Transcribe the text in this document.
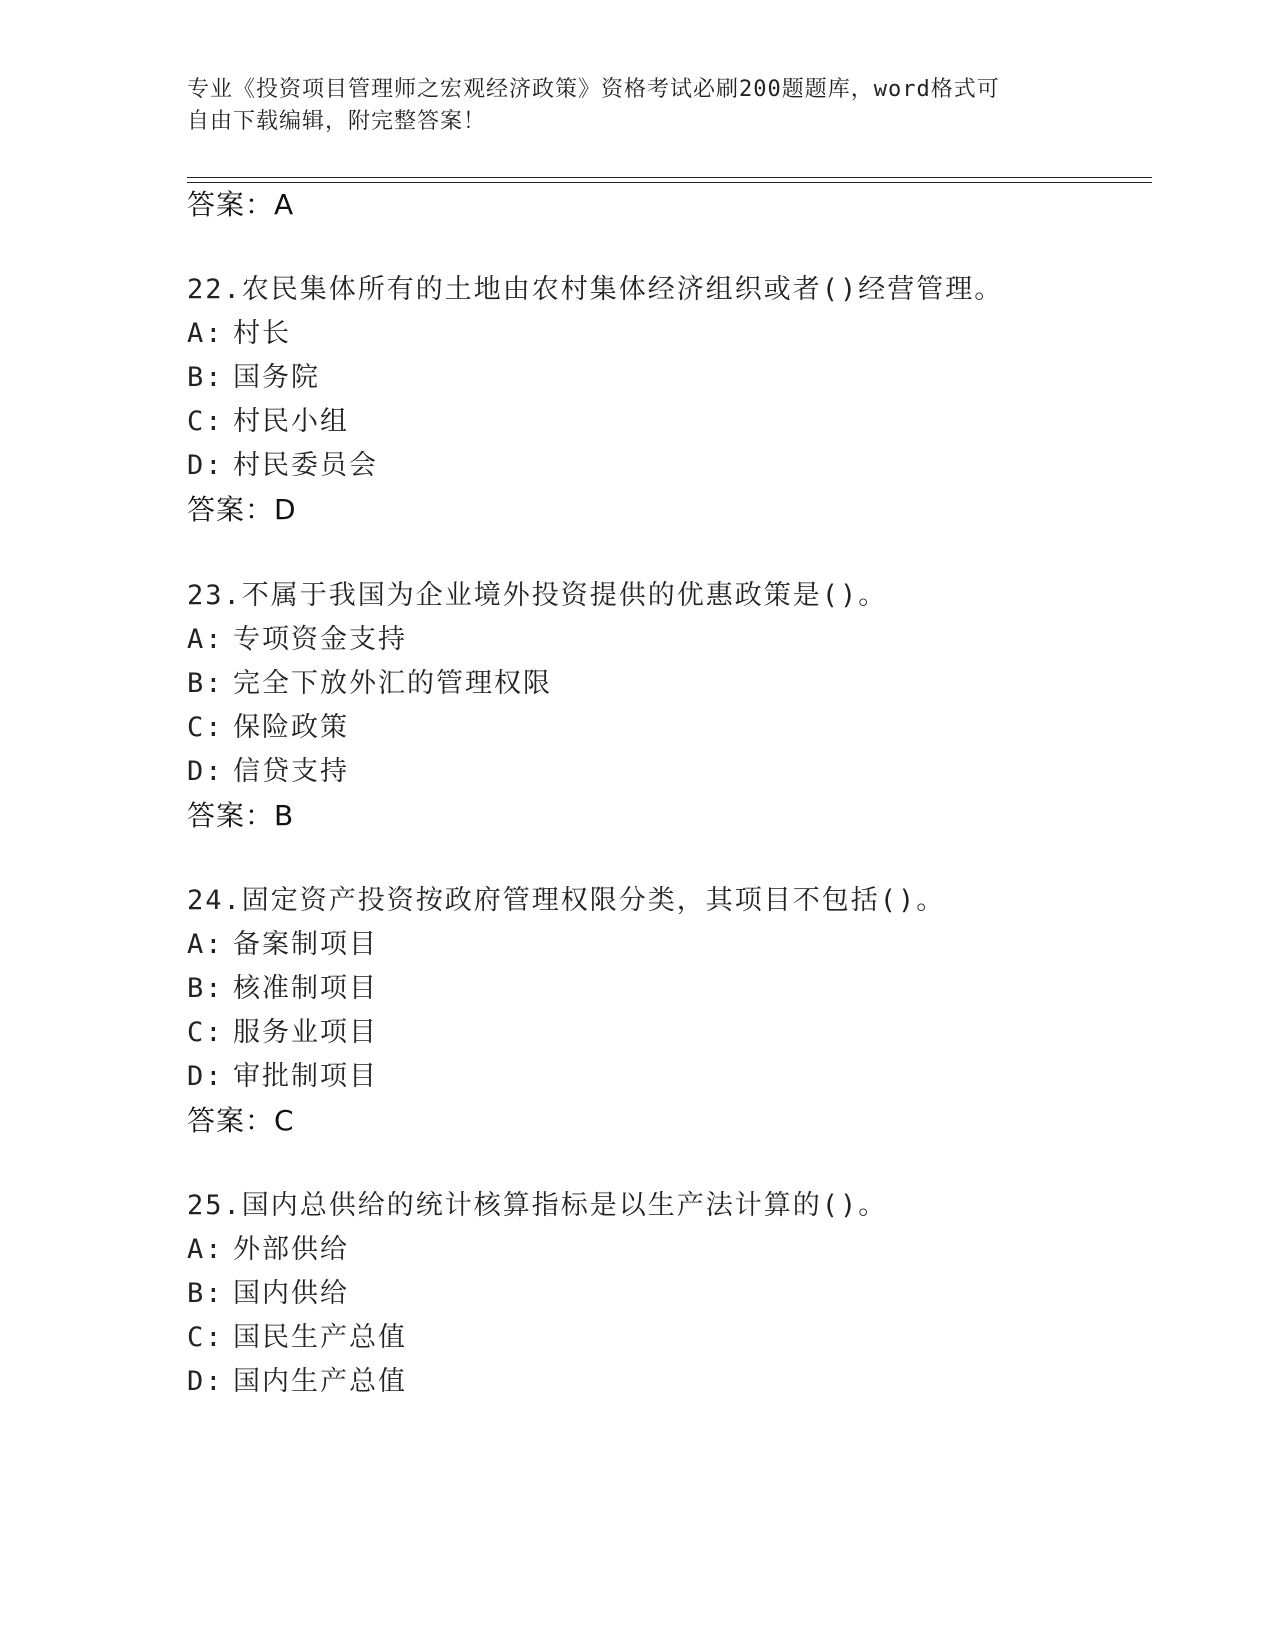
专业《投资项目管理师之宏观经济政策》资格考试必刷200题题库，word格式可
自由下载编辑，附完整答案！
答案：A
22.农民集体所有的土地由农村集体经济组织或者()经营管理。
A: 村长
B: 国务院
C: 村民小组
D: 村民委员会
答案：D
23.不属于我国为企业境外投资提供的优惠政策是()。
A: 专项资金支持
B: 完全下放外汇的管理权限
C: 保险政策
D: 信贷支持
答案：B
24.固定资产投资按政府管理权限分类，其项目不包括()。
A: 备案制项目
B: 核准制项目
C: 服务业项目
D: 审批制项目
答案：C
25.国内总供给的统计核算指标是以生产法计算的()。
A: 外部供给
B: 国内供给
C: 国民生产总值
D: 国内生产总值
